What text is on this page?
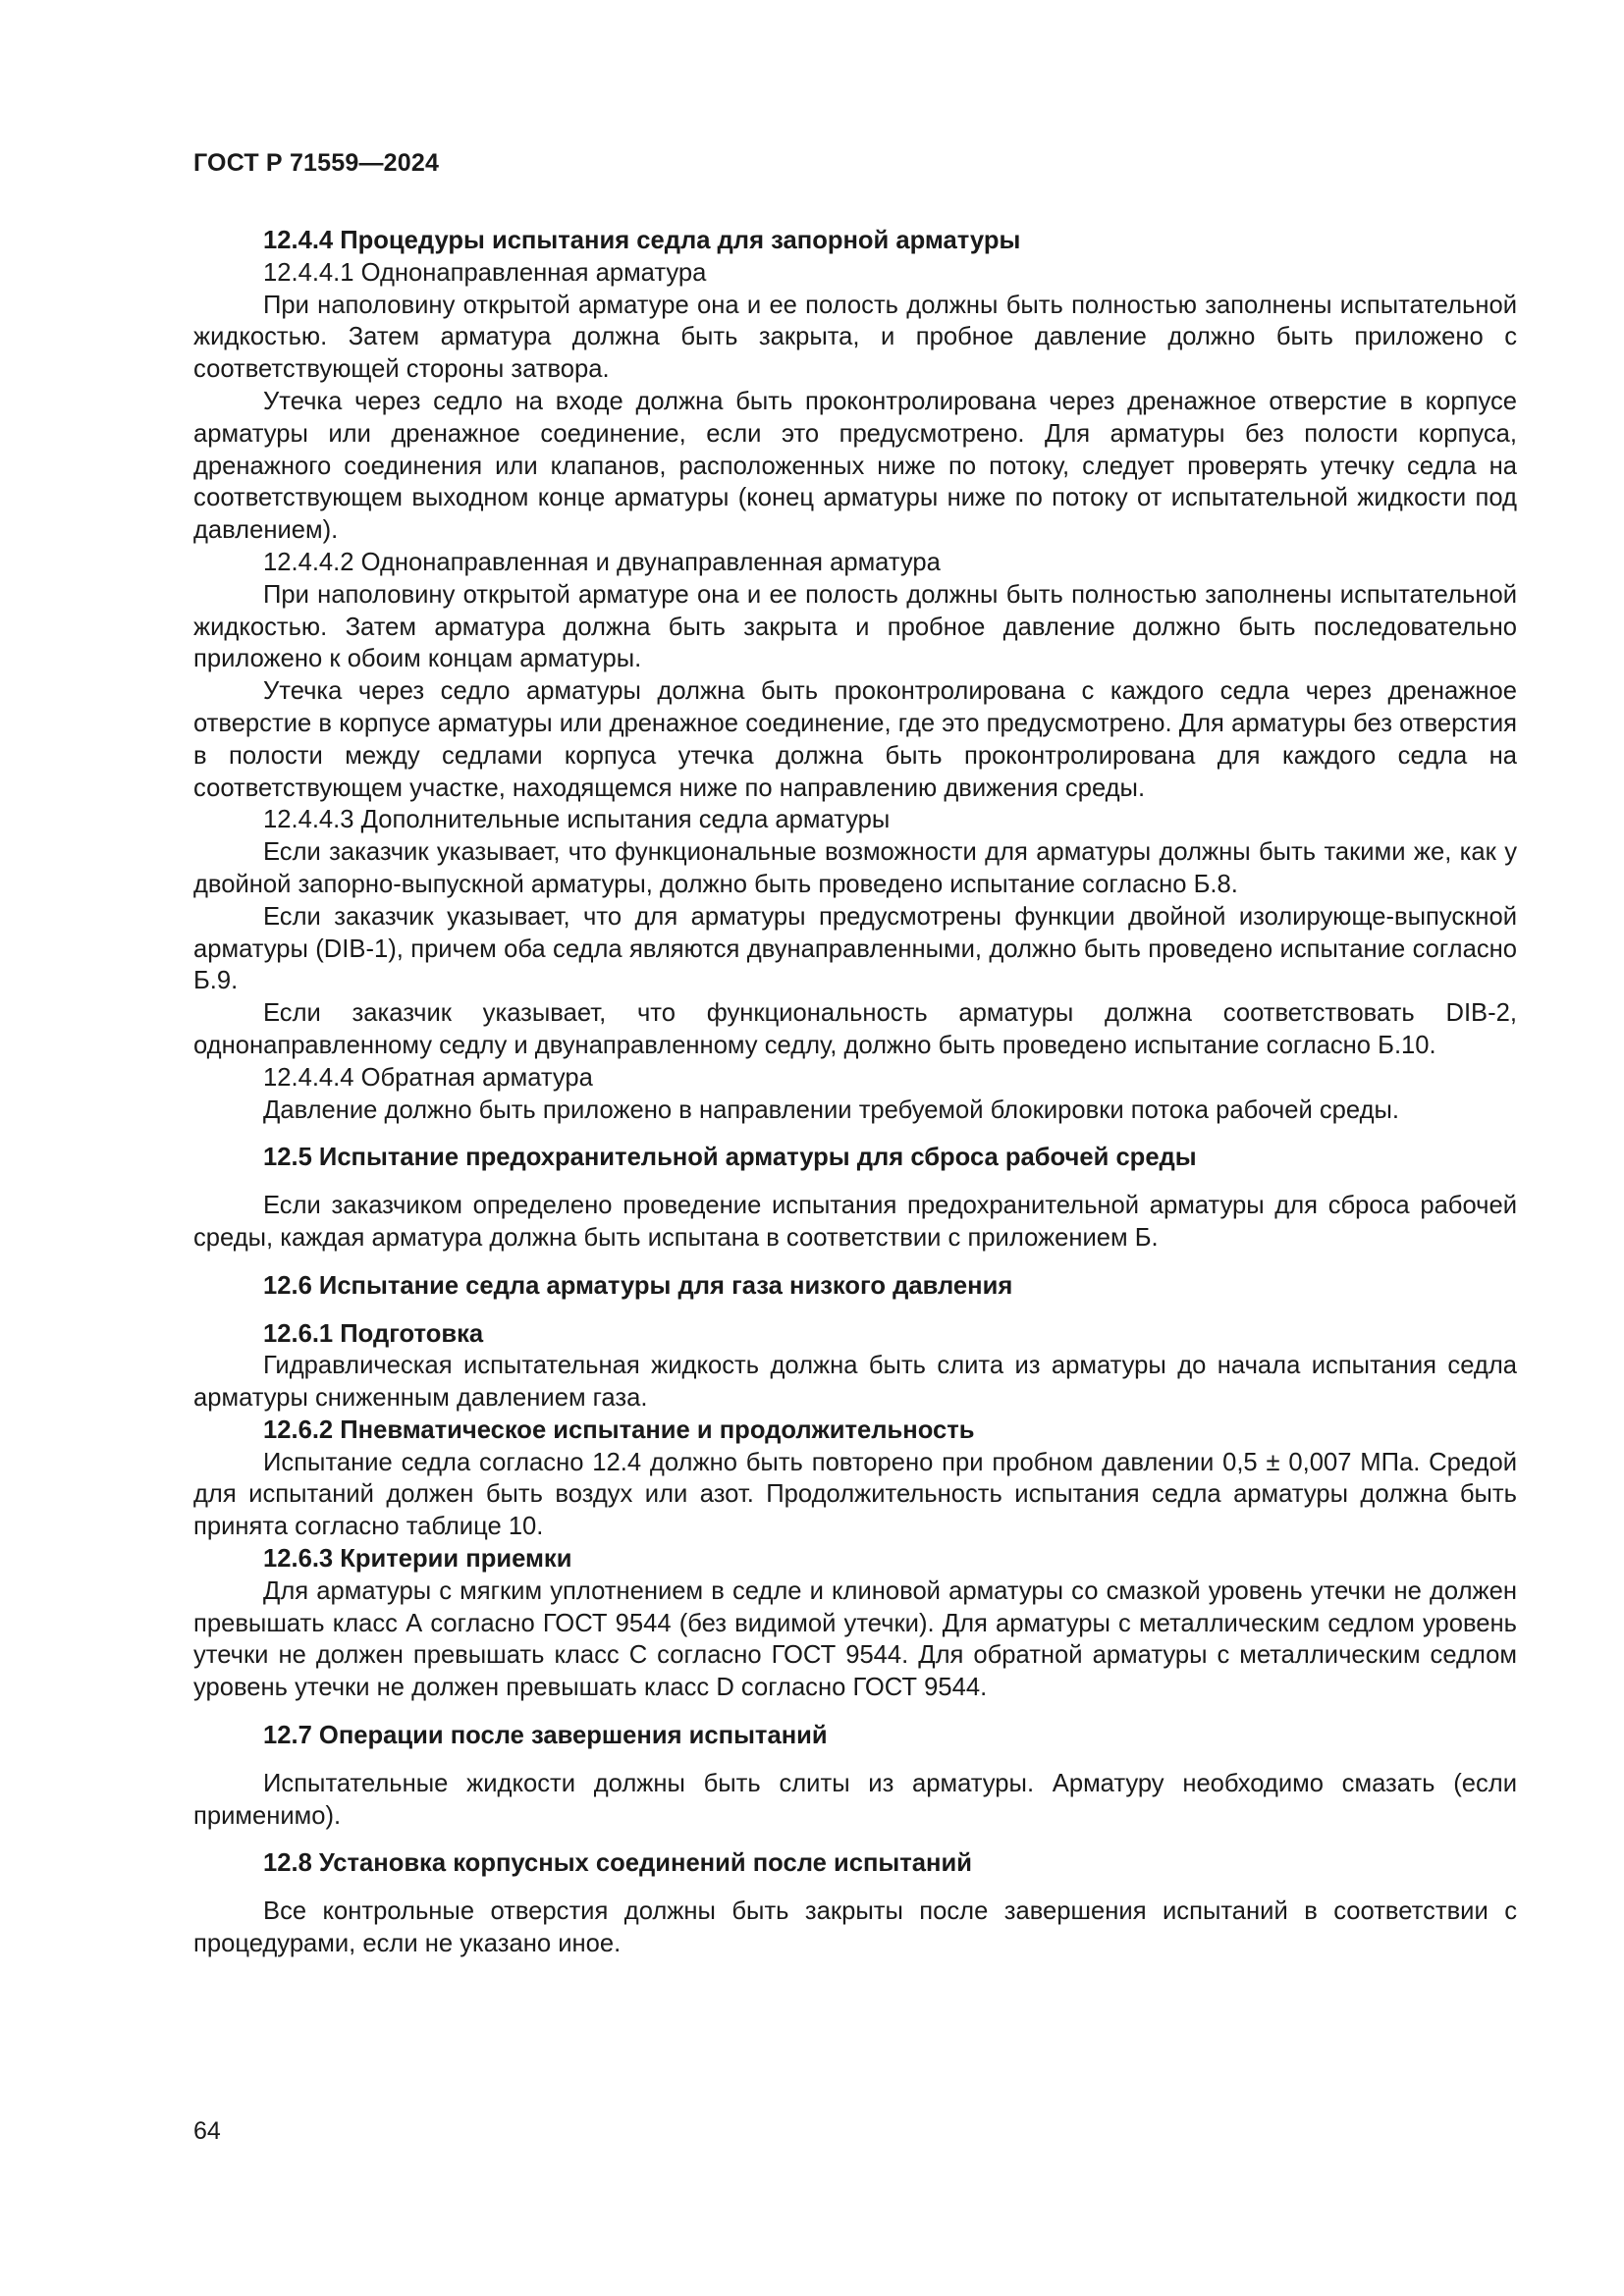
ГОСТ Р 71559—2024

12.4.4 Процедуры испытания седла для запорной арматуры

12.4.4.1 Однонаправленная арматура

При наполовину открытой арматуре она и ее полость должны быть полностью заполнены испытательной жидкостью. Затем арматура должна быть закрыта, и пробное давление должно быть приложено с соответствующей стороны затвора.

Утечка через седло на входе должна быть проконтролирована через дренажное отверстие в корпусе арматуры или дренажное соединение, если это предусмотрено. Для арматуры без полости корпуса, дренажного соединения или клапанов, расположенных ниже по потоку, следует проверять утечку седла на соответствующем выходном конце арматуры (конец арматуры ниже по потоку от испытательной жидкости под давлением).

12.4.4.2 Однонаправленная и двунаправленная арматура

При наполовину открытой арматуре она и ее полость должны быть полностью заполнены испытательной жидкостью. Затем арматура должна быть закрыта и пробное давление должно быть последовательно приложено к обоим концам арматуры.

Утечка через седло арматуры должна быть проконтролирована с каждого седла через дренажное отверстие в корпусе арматуры или дренажное соединение, где это предусмотрено. Для арматуры без отверстия в полости между седлами корпуса утечка должна быть проконтролирована для каждого седла на соответствующем участке, находящемся ниже по направлению движения среды.

12.4.4.3 Дополнительные испытания седла арматуры

Если заказчик указывает, что функциональные возможности для арматуры должны быть такими же, как у двойной запорно-выпускной арматуры, должно быть проведено испытание согласно Б.8.

Если заказчик указывает, что для арматуры предусмотрены функции двойной изолирующе-выпускной арматуры (DIB-1), причем оба седла являются двунаправленными, должно быть проведено испытание согласно Б.9.

Если заказчик указывает, что функциональность арматуры должна соответствовать DIB-2, однонаправленному седлу и двунаправленному седлу, должно быть проведено испытание согласно Б.10.

12.4.4.4 Обратная арматура

Давление должно быть приложено в направлении требуемой блокировки потока рабочей среды.

12.5 Испытание предохранительной арматуры для сброса рабочей среды

Если заказчиком определено проведение испытания предохранительной арматуры для сброса рабочей среды, каждая арматура должна быть испытана в соответствии с приложением Б.

12.6 Испытание седла арматуры для газа низкого давления

12.6.1 Подготовка

Гидравлическая испытательная жидкость должна быть слита из арматуры до начала испытания седла арматуры сниженным давлением газа.

12.6.2 Пневматическое испытание и продолжительность

Испытание седла согласно 12.4 должно быть повторено при пробном давлении 0,5 ± 0,007 МПа. Средой для испытаний должен быть воздух или азот. Продолжительность испытания седла арматуры должна быть принята согласно таблице 10.

12.6.3 Критерии приемки

Для арматуры с мягким уплотнением в седле и клиновой арматуры со смазкой уровень утечки не должен превышать класс А согласно ГОСТ 9544 (без видимой утечки). Для арматуры с металлическим седлом уровень утечки не должен превышать класс С согласно ГОСТ 9544. Для обратной арматуры с металлическим седлом уровень утечки не должен превышать класс D согласно ГОСТ 9544.

12.7 Операции после завершения испытаний

Испытательные жидкости должны быть слиты из арматуры. Арматуру необходимо смазать (если применимо).

12.8 Установка корпусных соединений после испытаний

Все контрольные отверстия должны быть закрыты после завершения испытаний в соответствии с процедурами, если не указано иное.

64
